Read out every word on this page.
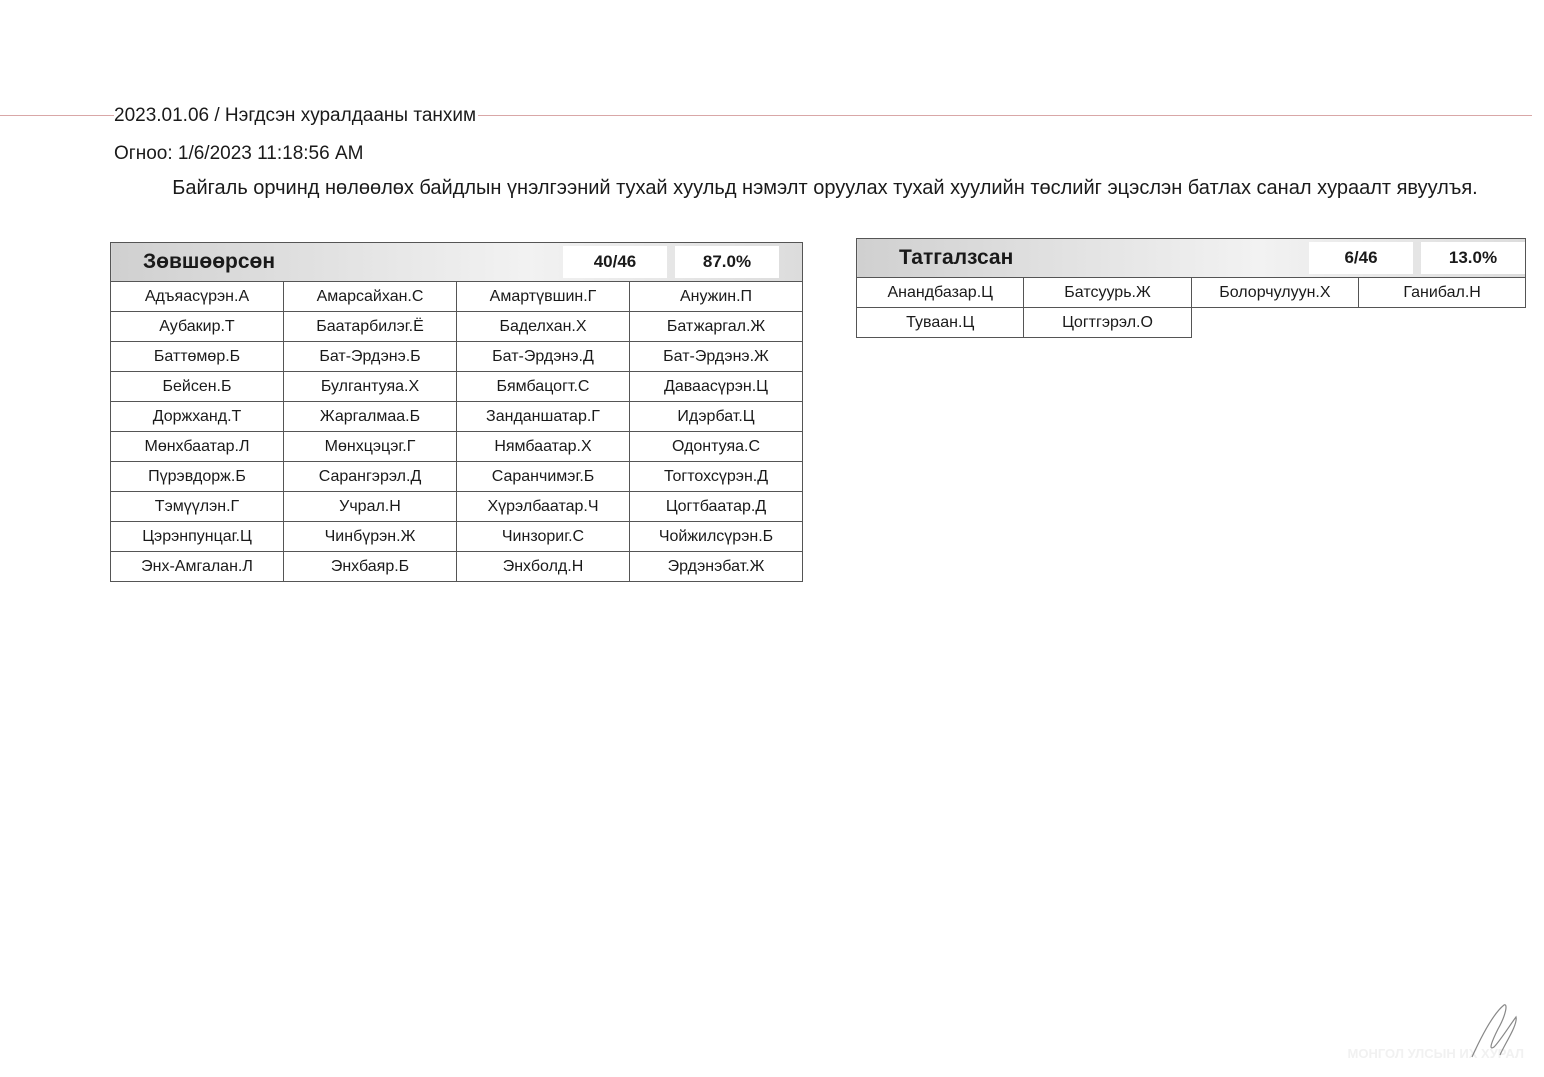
2023.01.06 / Нэгдсэн хуралдааны танхим
Огноо: 1/6/2023 11:18:56 AM
Байгаль орчинд нөлөөлөх байдлын үнэлгээний тухай хуульд нэмэлт оруулах тухай хуулийн төслийг эцэслэн батлах санал хураалт явуулъя.
Зөвшөөрсөн 40/46 87.0%			

Адъяасүрэн.А	Амарсайхан.С	Амартүвшин.Г	Анужин.П
Аубакир.Т	Баатарбилэг.Ё	Баделхан.Х	Батжаргал.Ж
Баттөмөр.Б	Бат-Эрдэнэ.Б	Бат-Эрдэнэ.Д	Бат-Эрдэнэ.Ж
Бейсен.Б	Булгантуяа.Х	Бямбацогт.С	Даваасүрэн.Ц
Доржханд.Т	Жаргалмаа.Б	Занданшатар.Г	Идэрбат.Ц
Мөнхбаатар.Л	Мөнхцэцэг.Г	Нямбаатар.Х	Одонтуяа.С
Пүрэвдорж.Б	Сарангэрэл.Д	Саранчимэг.Б	Тогтохсүрэн.Д
Тэмүүлэн.Г	Учрал.Н	Хүрэлбаатар.Ч	Цогтбаатар.Д
Цэрэнпунцаг.Ц	Чинбүрэн.Ж	Чинзориг.С	Чойжилсүрэн.Б
Энх-Амгалан.Л	Энхбаяр.Б	Энхболд.Н	Эрдэнэбат.Ж
Татгалзсан 6/46 13.0%			

Анандбазар.Ц	Батсуурь.Ж	Болорчулуун.Х	Ганибал.Н
Туваан.Ц	Цогтгэрэл.О		
МОНГОЛ УЛСЫН ИХ ХУРАЛ
